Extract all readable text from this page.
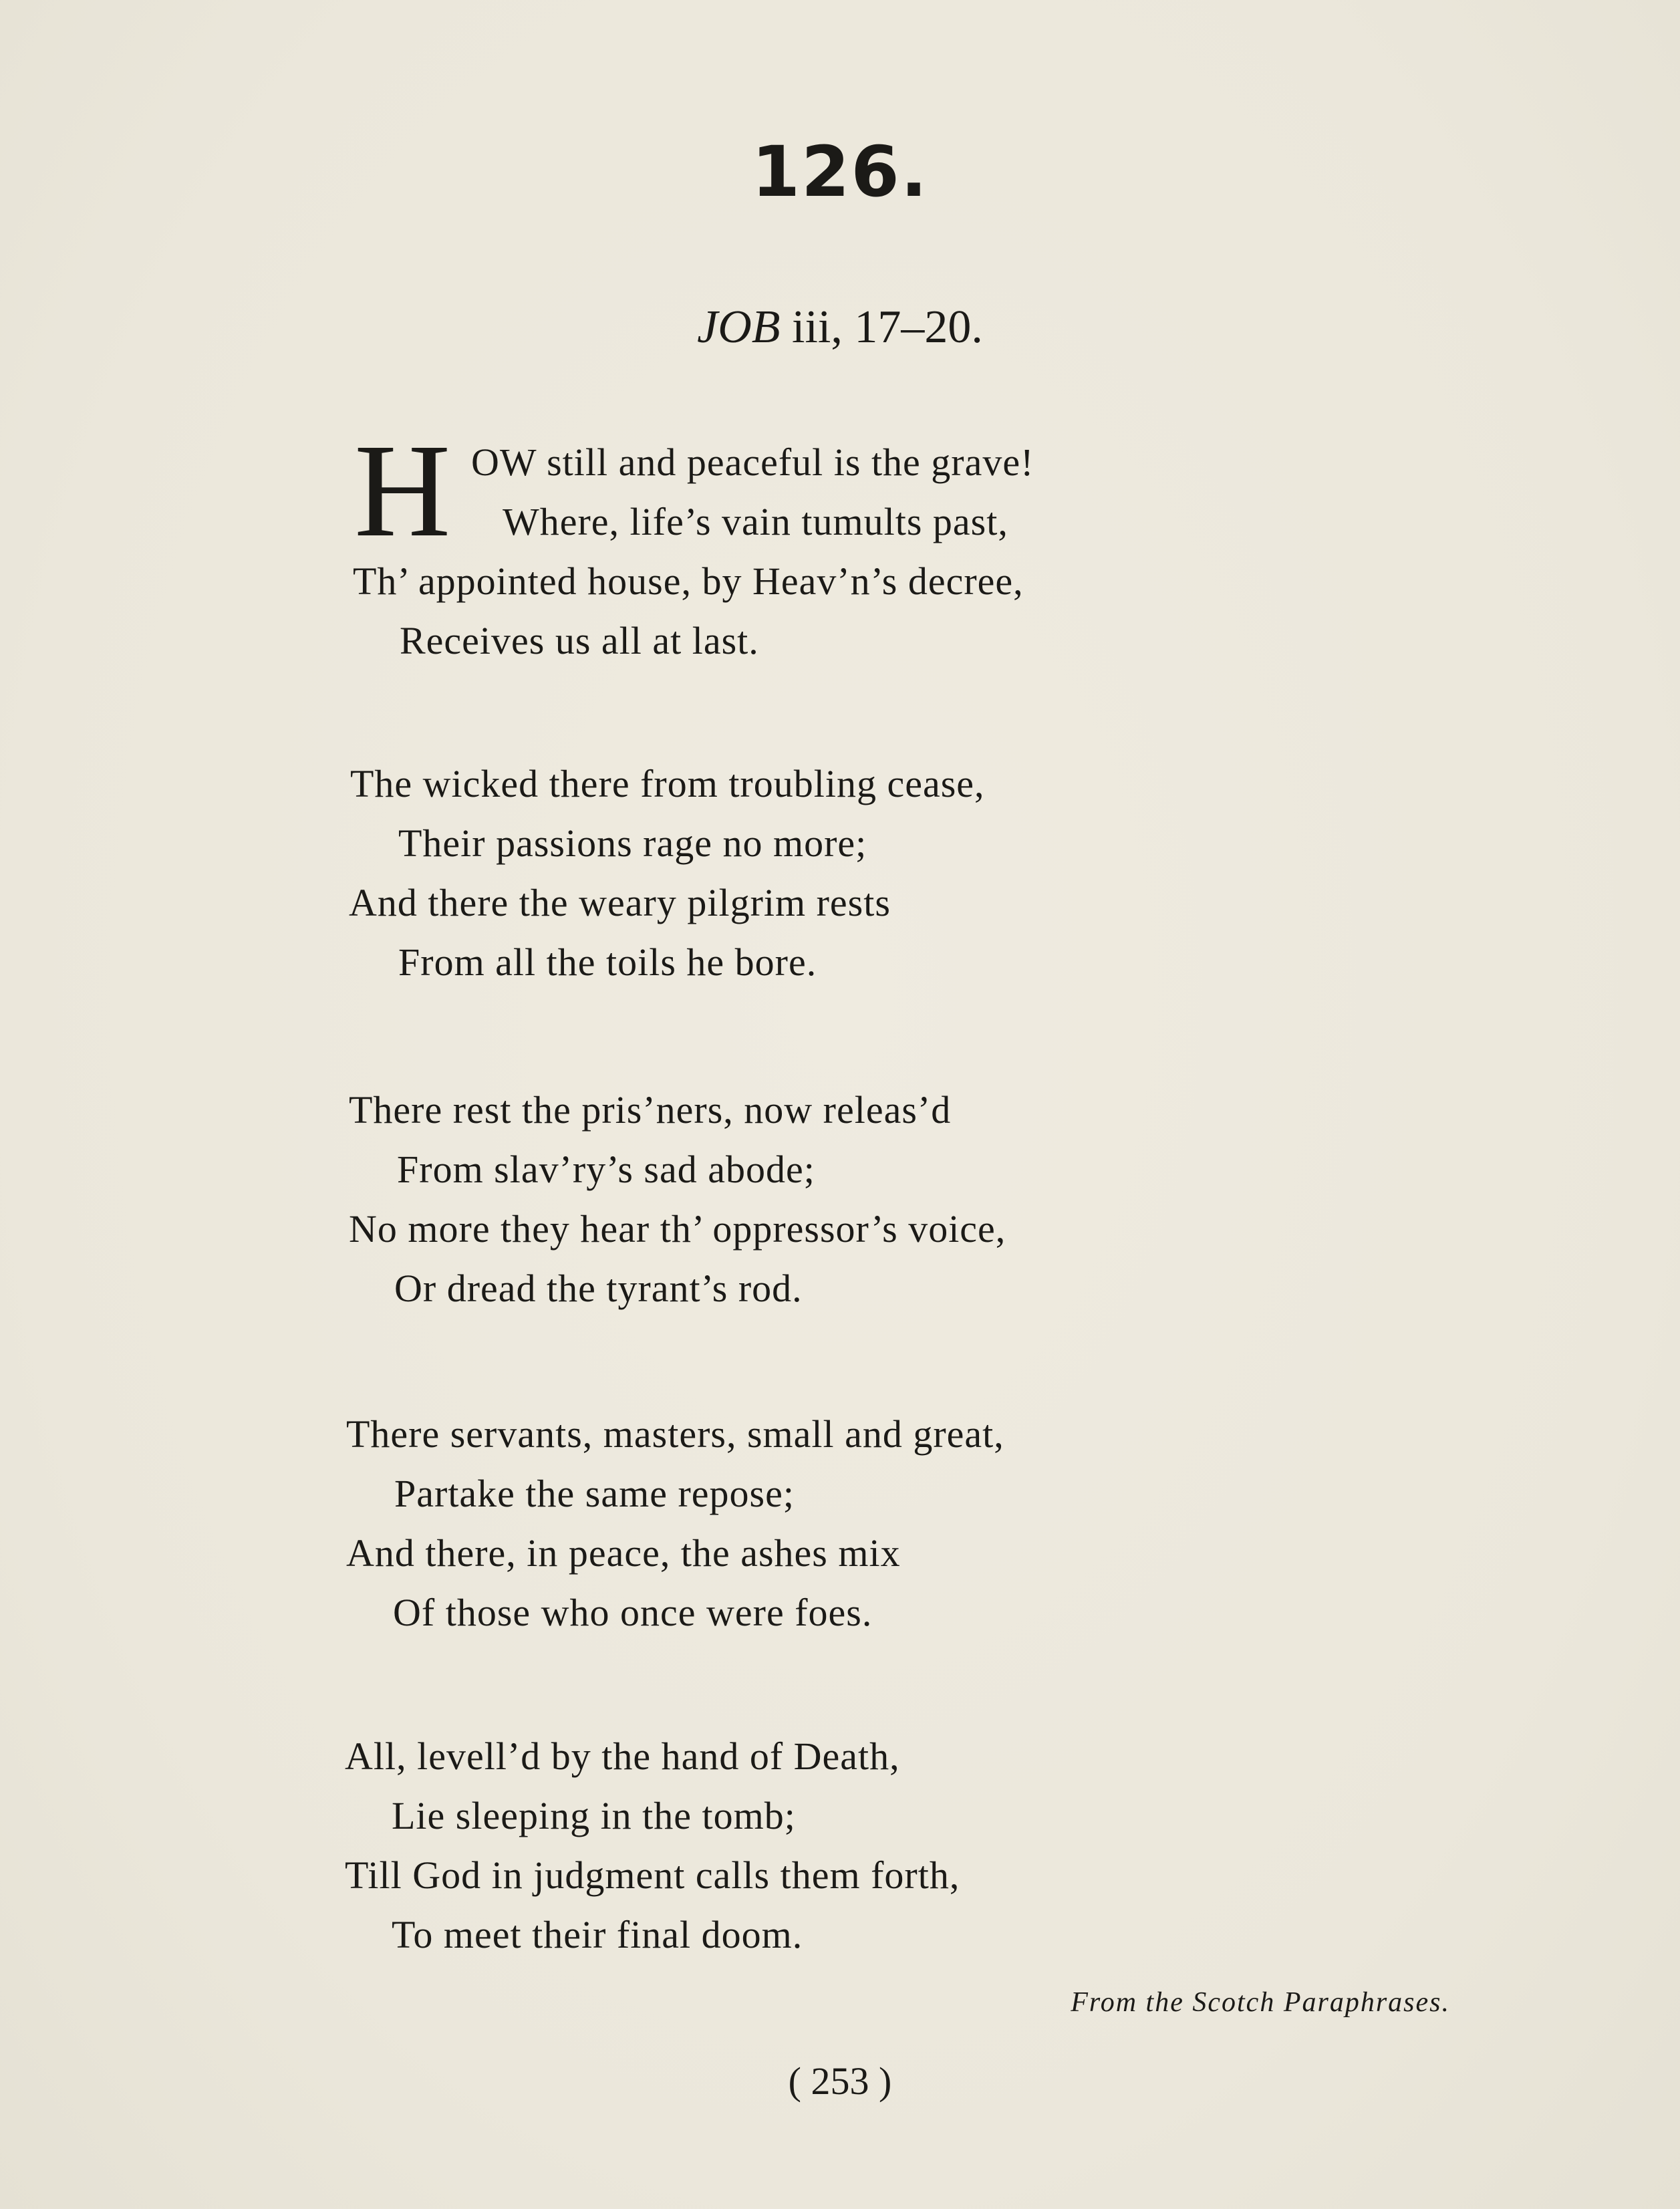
126.
JOB iii, 17–20.
H OW still and peaceful is the grave!
Where, life’s vain tumults past,
Th’ appointed house, by Heav’n’s decree,
Receives us all at last.
The wicked there from troubling cease,
Their passions rage no more;
And there the weary pilgrim rests
From all the toils he bore.
There rest the pris’ners, now releas’d
From slav’ry’s sad abode;
No more they hear th’ oppressor’s voice,
Or dread the tyrant’s rod.
There servants, masters, small and great,
Partake the same repose;
And there, in peace, the ashes mix
Of those who once were foes.
All, levell’d by the hand of Death,
Lie sleeping in the tomb;
Till God in judgment calls them forth,
To meet their final doom.
From the Scotch Paraphrases.
( 253 )
